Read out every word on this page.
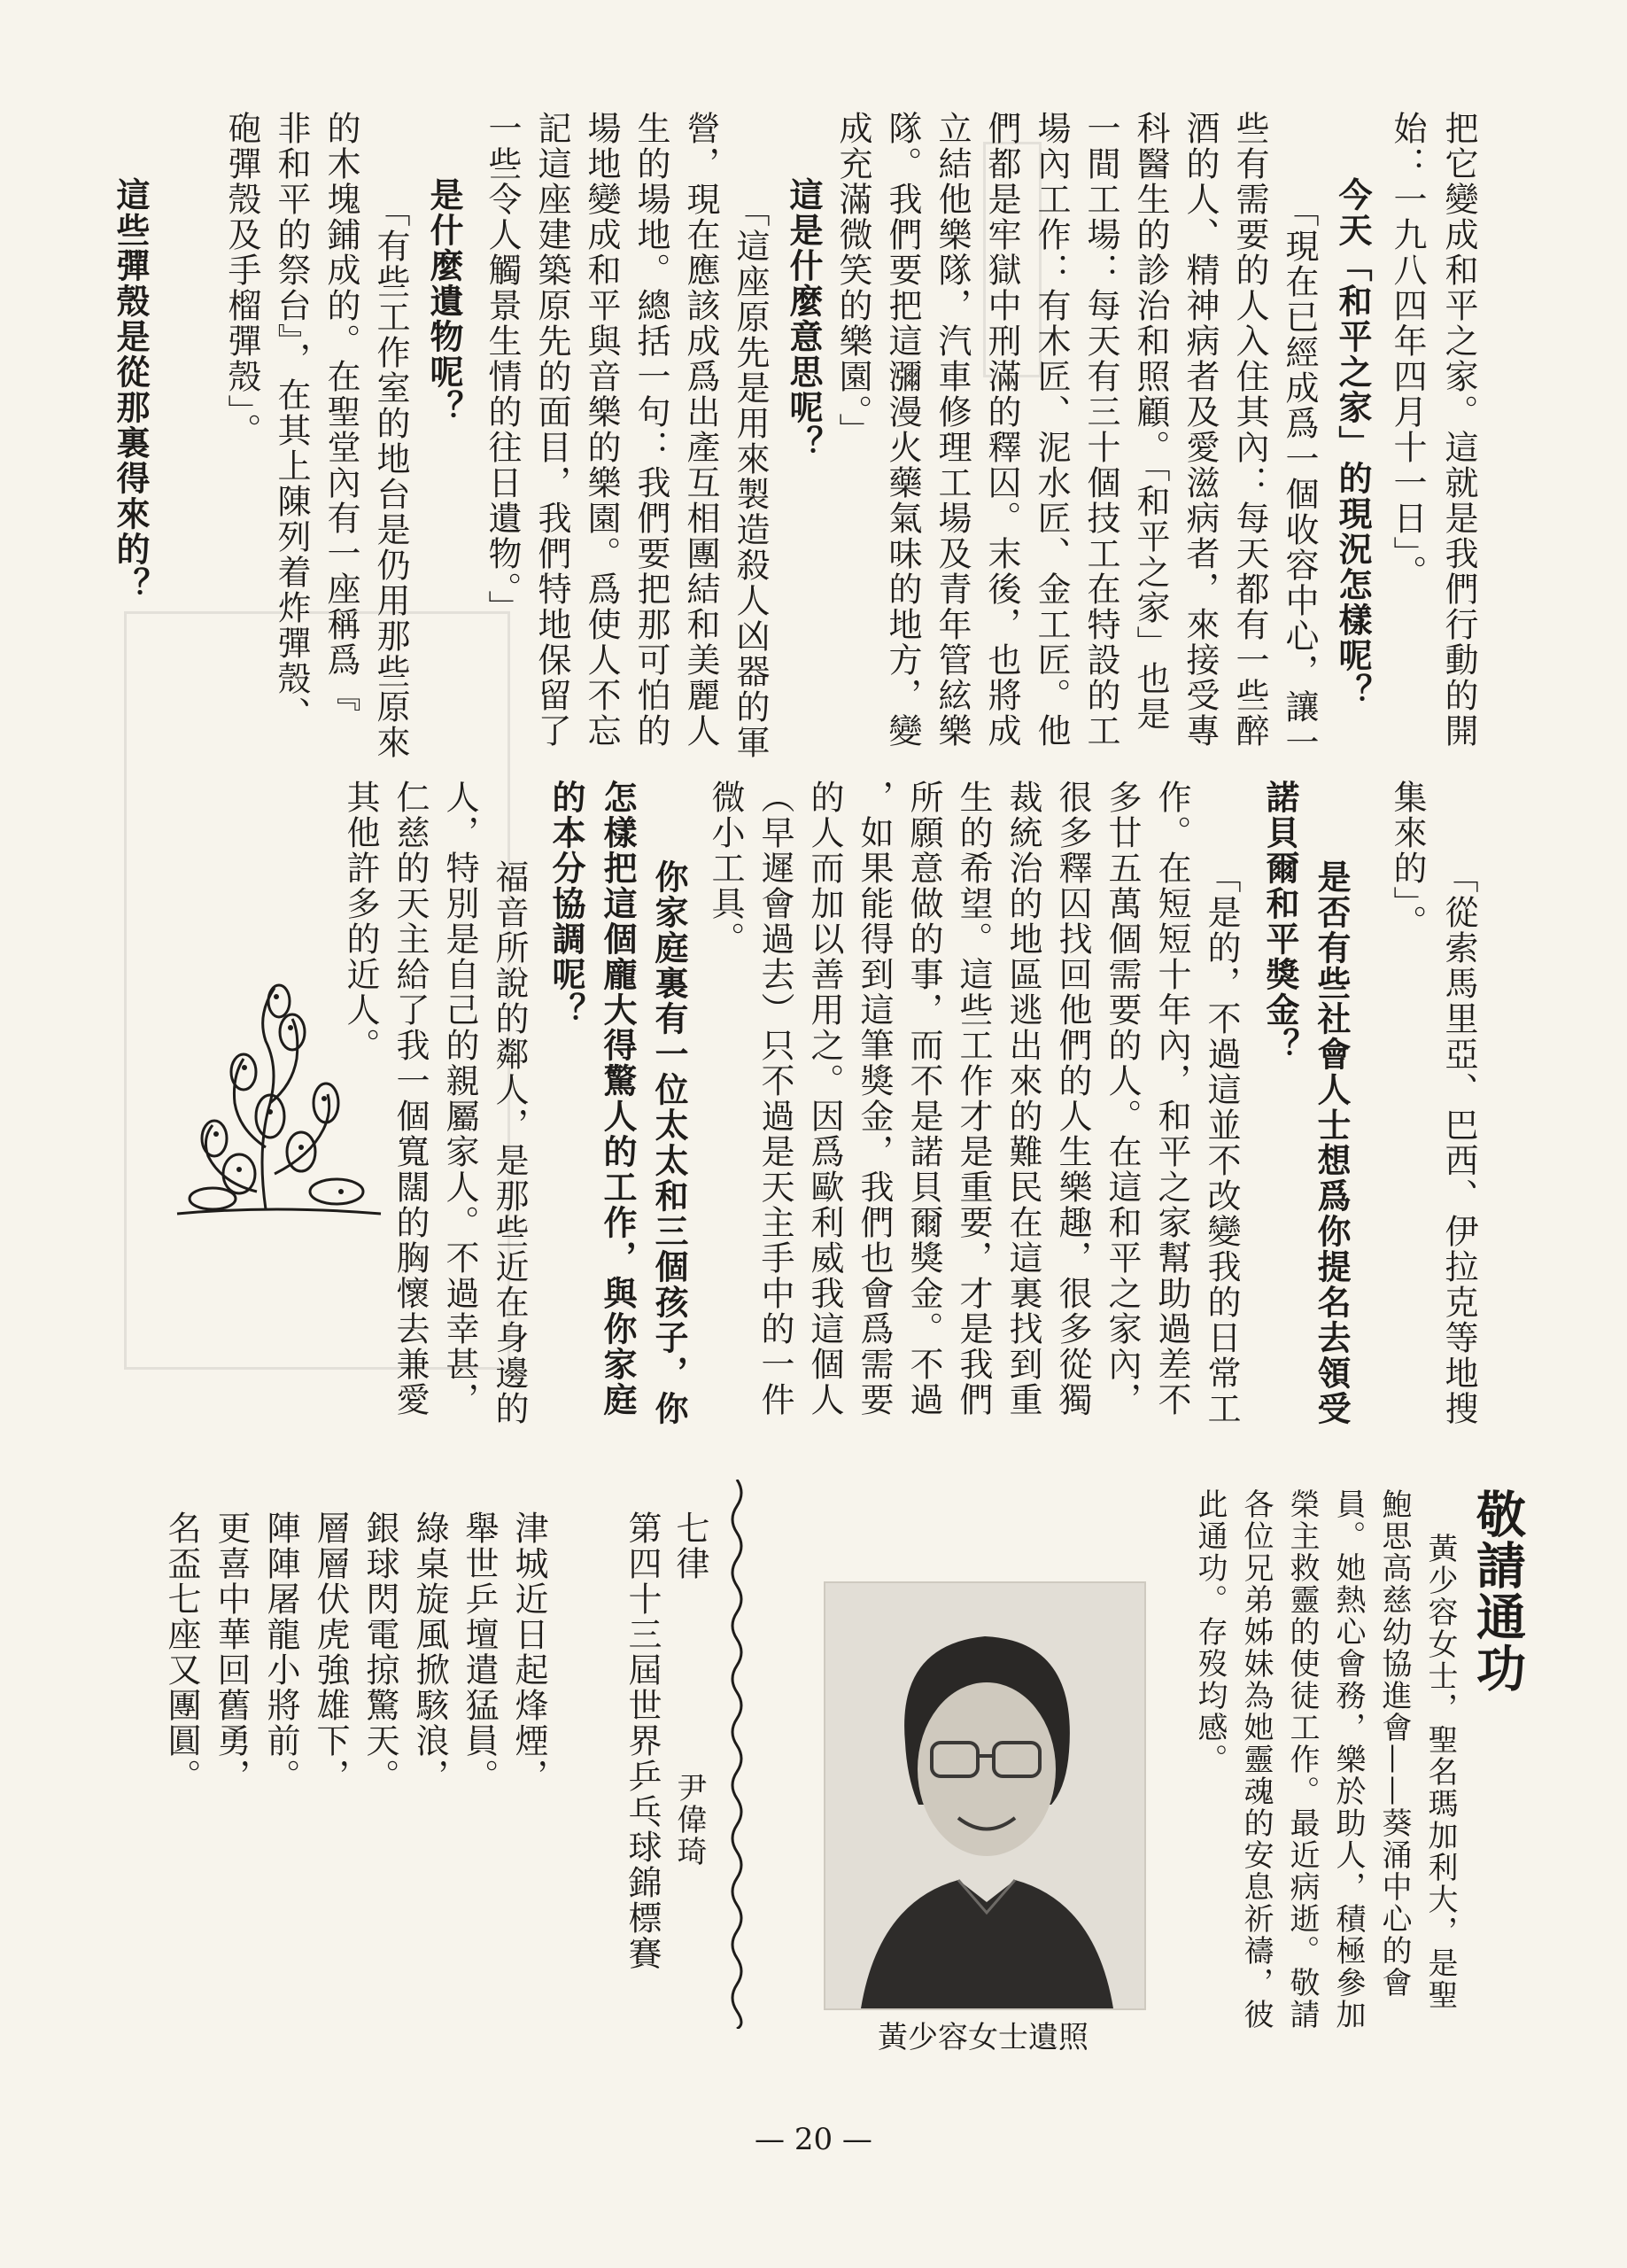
把它變成和平之家。這就是我們行動的開
始：一九八四年四月十一日」。
今天「和平之家」的現況怎樣呢？
「現在已經成爲一個收容中心，讓一
些有需要的人入住其內：每天都有一些醉
酒的人、精神病者及愛滋病者，來接受專
科醫生的診治和照顧。「和平之家」也是
一間工場：每天有三十個技工在特設的工
場內工作：有木匠、泥水匠、金工匠。他
們都是牢獄中刑滿的釋囚。末後，也將成
立結他樂隊，汽車修理工場及青年管絃樂
隊。我們要把這瀰漫火藥氣味的地方，變
成充滿微笑的樂園。」
這是什麼意思呢？
「這座原先是用來製造殺人凶器的軍
營，現在應該成爲出產互相團結和美麗人
生的場地。總括一句：我們要把那可怕的
場地變成和平與音樂的樂園。爲使人不忘
記這座建築原先的面目，我們特地保留了
一些令人觸景生情的往日遺物。」
是什麼遺物呢？
「有些工作室的地台是仍用那些原來
的木塊鋪成的。在聖堂內有一座稱爲『
非和平的祭台』，在其上陳列着炸彈殼、
砲彈殼及手榴彈殼」。
這些彈殼是從那裏得來的？
「從索馬里亞、巴西、伊拉克等地搜
集來的」。
是否有些社會人士想爲你提名去領受
諾貝爾和平獎金？
「是的，不過這並不改變我的日常工
作。在短短十年內，和平之家幫助過差不
多廿五萬個需要的人。在這和平之家內，
很多釋囚找回他們的人生樂趣，很多從獨
裁統治的地區逃出來的難民在這裏找到重
生的希望。這些工作才是重要，才是我們
所願意做的事，而不是諾貝爾獎金。不過
，如果能得到這筆獎金，我們也會爲需要
的人而加以善用之。因爲歐利威我這個人
（早遲會過去）只不過是天主手中的一件
微小工具。
你家庭裏有一位太太和三個孩子，你
怎樣把這個龐大得驚人的工作，與你家庭
的本分協調呢？
福音所說的鄰人，是那些近在身邊的
人，特別是自己的親屬家人。不過幸甚，
仁慈的天主給了我一個寬闊的胸懷去兼愛
其他許多的近人。
敬請通功
黃少容女士，聖名瑪加利大，是聖
鮑思高慈幼協進會——葵涌中心的會
員。她熱心會務，樂於助人，積極參加
榮主救靈的使徒工作。最近病逝。敬請
各位兄弟姊妹為她靈魂的安息祈禱，彼
此通功。存歿均感。
黃少容女士遺照
七律
第四十三屆世界乒乓球錦標賽 尹偉琦
津城近日起烽煙，
舉世乒壇遣猛員。
綠桌旋風掀駭浪，
銀球閃電掠驚天。
層層伏虎強雄下，
陣陣屠龍小將前。
更喜中華回舊勇，
名盃七座又團圓。
— 20 —
